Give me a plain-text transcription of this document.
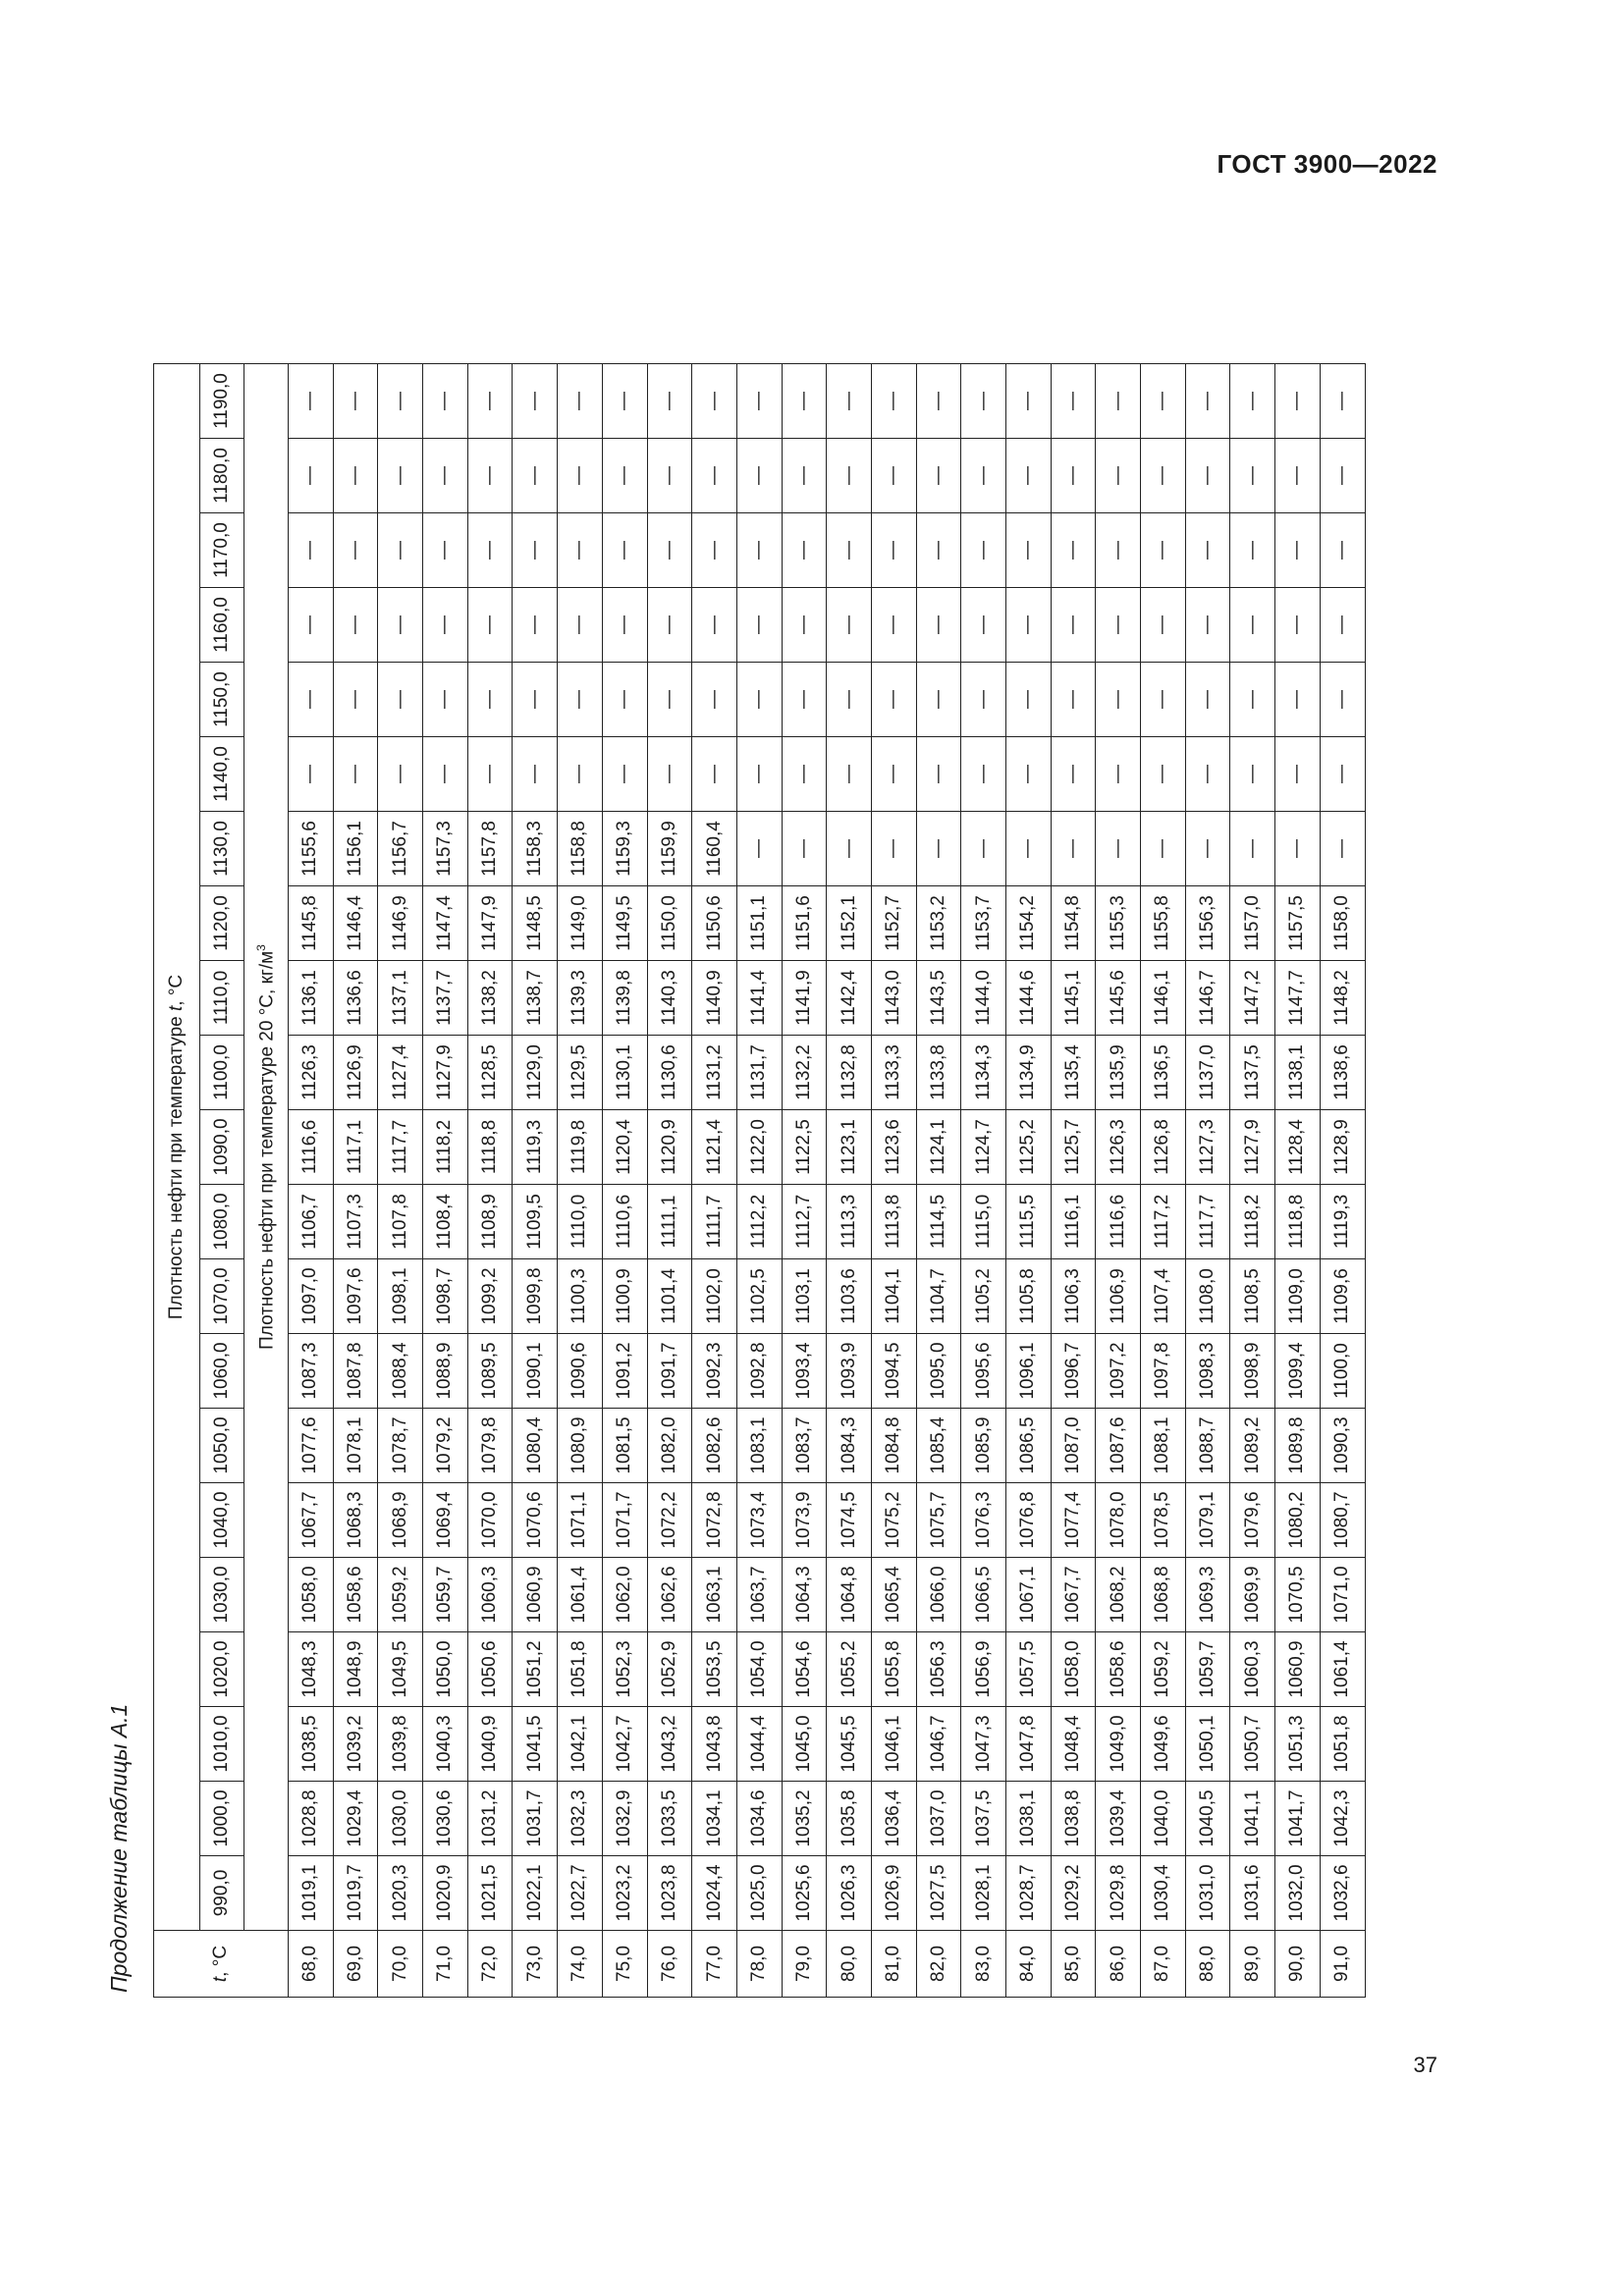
ГОСТ 3900—2022
Продолжение таблицы А.1	t, °С	Плотность нефти при температуре t, °С																				
	990,0	1000,0	1010,0	1020,0	1030,0	1040,0	1050,0	1060,0	1070,0	1080,0	1090,0	1100,0	1110,0	1120,0	1130,0	1140,0	1150,0	1160,0	1170,0	1180,0	1190,0
	Плотность нефти при температуре 20 °С, $кг/м^3$
68,0	1019,1	1028,8	1038,5	1048,3	1058,0	1067,7	1077,6	1087,3	1097,0	1106,7	1116,6	1126,3	1136,1	1145,8	1155,6	—	—	—	—	—	—
69,0	1019,7	1029,4	1039,2	1048,9	1058,6	1068,3	1078,1	1087,8	1097,6	1107,3	1117,1	1126,9	1136,6	1146,4	1156,1	—	—	—	—	—	—
70,0	1020,3	1030,0	1039,8	1049,5	1059,2	1068,9	1078,7	1088,4	1098,1	1107,8	1117,7	1127,4	1137,1	1146,9	1156,7	—	—	—	—	—	—
71,0	1020,9	1030,6	1040,3	1050,0	1059,7	1069,4	1079,2	1088,9	1098,7	1108,4	1118,2	1127,9	1137,7	1147,4	1157,3	—	—	—	—	—	—
72,0	1021,5	1031,2	1040,9	1050,6	1060,3	1070,0	1079,8	1089,5	1099,2	1108,9	1118,8	1128,5	1138,2	1147,9	1157,8	—	—	—	—	—	—
73,0	1022,1	1031,7	1041,5	1051,2	1060,9	1070,6	1080,4	1090,1	1099,8	1109,5	1119,3	1129,0	1138,7	1148,5	1158,3	—	—	—	—	—	—
74,0	1022,7	1032,3	1042,1	1051,8	1061,4	1071,1	1080,9	1090,6	1100,3	1110,0	1119,8	1129,5	1139,3	1149,0	1158,8	—	—	—	—	—	—
75,0	1023,2	1032,9	1042,7	1052,3	1062,0	1071,7	1081,5	1091,2	1100,9	1110,6	1120,4	1130,1	1139,8	1149,5	1159,3	—	—	—	—	—	—
76,0	1023,8	1033,5	1043,2	1052,9	1062,6	1072,2	1082,0	1091,7	1101,4	1111,1	1120,9	1130,6	1140,3	1150,0	1159,9	—	—	—	—	—	—
77,0	1024,4	1034,1	1043,8	1053,5	1063,1	1072,8	1082,6	1092,3	1102,0	1111,7	1121,4	1131,2	1140,9	1150,6	1160,4	—	—	—	—	—	—
78,0	1025,0	1034,6	1044,4	1054,0	1063,7	1073,4	1083,1	1092,8	1102,5	1112,2	1122,0	1131,7	1141,4	1151,1	—	—	—	—	—	—	—
79,0	1025,6	1035,2	1045,0	1054,6	1064,3	1073,9	1083,7	1093,4	1103,1	1112,7	1122,5	1132,2	1141,9	1151,6	—	—	—	—	—	—	—
80,0	1026,3	1035,8	1045,5	1055,2	1064,8	1074,5	1084,3	1093,9	1103,6	1113,3	1123,1	1132,8	1142,4	1152,1	—	—	—	—	—	—	—
81,0	1026,9	1036,4	1046,1	1055,8	1065,4	1075,2	1084,8	1094,5	1104,1	1113,8	1123,6	1133,3	1143,0	1152,7	—	—	—	—	—	—	—
82,0	1027,5	1037,0	1046,7	1056,3	1066,0	1075,7	1085,4	1095,0	1104,7	1114,5	1124,1	1133,8	1143,5	1153,2	—	—	—	—	—	—	—
83,0	1028,1	1037,5	1047,3	1056,9	1066,5	1076,3	1085,9	1095,6	1105,2	1115,0	1124,7	1134,3	1144,0	1153,7	—	—	—	—	—	—	—
84,0	1028,7	1038,1	1047,8	1057,5	1067,1	1076,8	1086,5	1096,1	1105,8	1115,5	1125,2	1134,9	1144,6	1154,2	—	—	—	—	—	—	—
85,0	1029,2	1038,8	1048,4	1058,0	1067,7	1077,4	1087,0	1096,7	1106,3	1116,1	1125,7	1135,4	1145,1	1154,8	—	—	—	—	—	—	—
86,0	1029,8	1039,4	1049,0	1058,6	1068,2	1078,0	1087,6	1097,2	1106,9	1116,6	1126,3	1135,9	1145,6	1155,3	—	—	—	—	—	—	—
87,0	1030,4	1040,0	1049,6	1059,2	1068,8	1078,5	1088,1	1097,8	1107,4	1117,2	1126,8	1136,5	1146,1	1155,8	—	—	—	—	—	—	—
88,0	1031,0	1040,5	1050,1	1059,7	1069,3	1079,1	1088,7	1098,3	1108,0	1117,7	1127,3	1137,0	1146,7	1156,3	—	—	—	—	—	—	—
89,0	1031,6	1041,1	1050,7	1060,3	1069,9	1079,6	1089,2	1098,9	1108,5	1118,2	1127,9	1137,5	1147,2	1157,0	—	—	—	—	—	—	—
90,0	1032,0	1041,7	1051,3	1060,9	1070,5	1080,2	1089,8	1099,4	1109,0	1118,8	1128,4	1138,1	1147,7	1157,5	—	—	—	—	—	—	—
91,0	1032,6	1042,3	1051,8	1061,4	1071,0	1080,7	1090,3	1100,0	1109,6	1119,3	1128,9	1138,6	1148,2	1158,0	—	—	—	—	—	—	—
37
